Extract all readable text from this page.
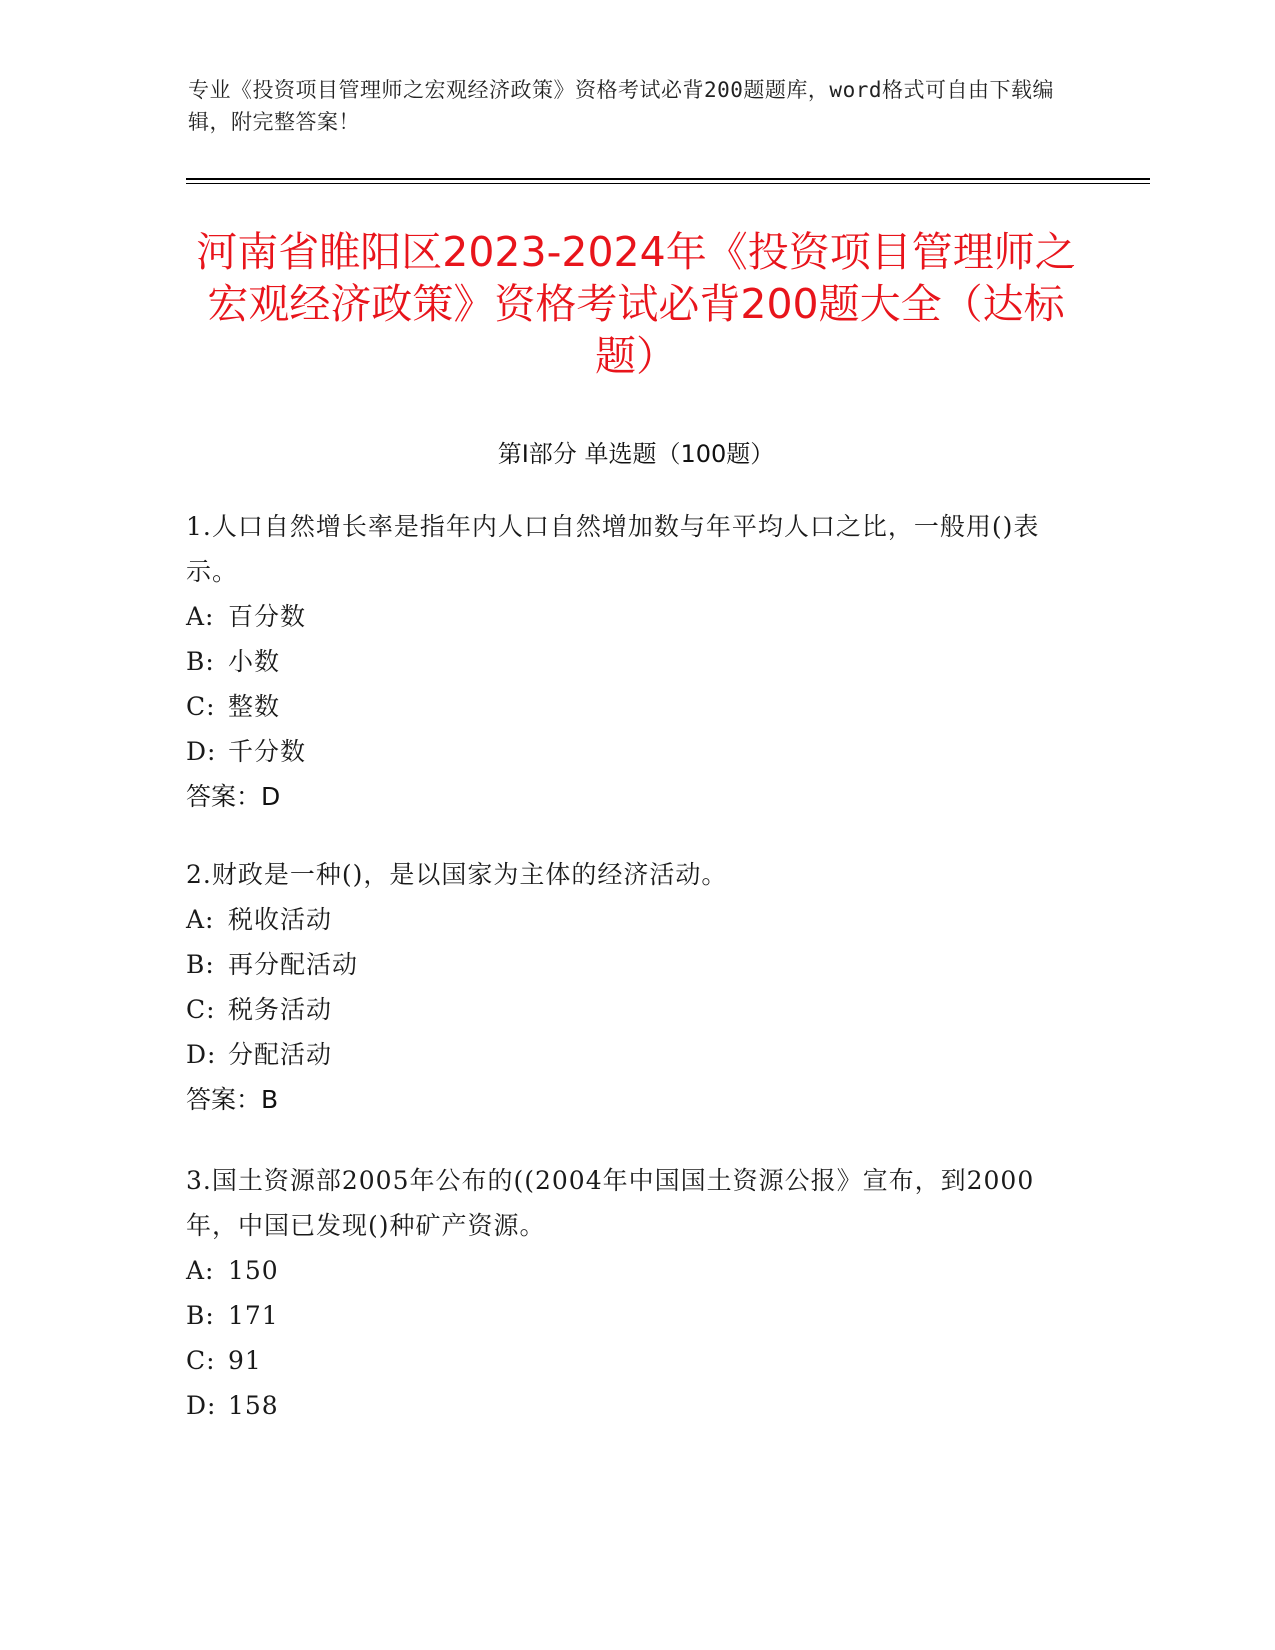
专业《投资项目管理师之宏观经济政策》资格考试必背200题题库，word格式可自由下载编辑，附完整答案！
河南省睢阳区2023-2024年《投资项目管理师之宏观经济政策》资格考试必背200题大全（达标题）
第Ⅰ部分 单选题（100题）
1.人口自然增长率是指年内人口自然增加数与年平均人口之比，一般用()表示。
A: 百分数
B: 小数
C: 整数
D: 千分数
答案：D
2.财政是一种()，是以国家为主体的经济活动。
A: 税收活动
B: 再分配活动
C: 税务活动
D: 分配活动
答案：B
3.国土资源部2005年公布的((2004年中国国土资源公报》宣布，到2000年，中国已发现()种矿产资源。
A: 150
B: 171
C: 91
D: 158
